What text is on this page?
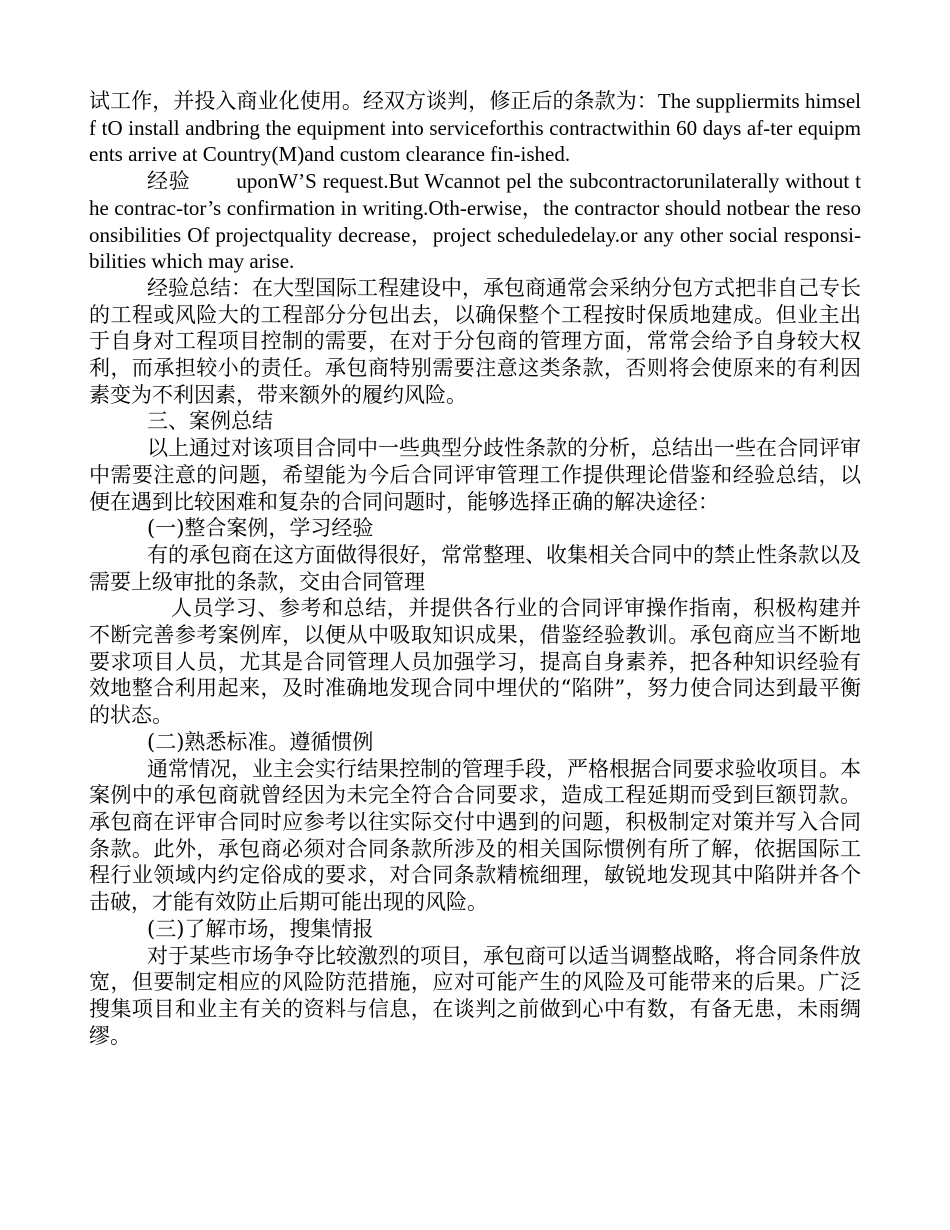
试工作，并投入商业化使用。经双方谈判，修正后的条款为：The suppliermits himself tO install andbring the equipment into serviceforthis contractwithin 60 days af-ter equipments arrive at Country(M)and custom clearance fin-ished.

经验 uponW’S request.But Wcannot pel the subcontractorunilaterally without the contrac-tor’s confirmation in writing.Oth-erwise，the contractor should notbear the resoonsibilities Of projectquality decrease，project scheduledelay.or any other social responsi-bilities which may arise.

经验总结：在大型国际工程建设中，承包商通常会采纳分包方式把非自己专长的工程或风险大的工程部分分包出去，以确保整个工程按时保质地建成。但业主出于自身对工程项目控制的需要，在对于分包商的管理方面，常常会给予自身较大权利，而承担较小的责任。承包商特别需要注意这类条款，否则将会使原来的有利因素变为不利因素，带来额外的履约风险。

三、案例总结

以上通过对该项目合同中一些典型分歧性条款的分析，总结出一些在合同评审中需要注意的问题，希望能为今后合同评审管理工作提供理论借鉴和经验总结，以便在遇到比较困难和复杂的合同问题时，能够选择正确的解决途径：

(一)整合案例，学习经验

有的承包商在这方面做得很好，常常整理、收集相关合同中的禁止性条款以及需要上级审批的条款，交由合同管理

人员学习、参考和总结，并提供各行业的合同评审操作指南，积极构建并不断完善参考案例库，以便从中吸取知识成果，借鉴经验教训。承包商应当不断地要求项目人员，尤其是合同管理人员加强学习，提高自身素养，把各种知识经验有效地整合利用起来，及时准确地发现合同中埋伏的“陷阱”，努力使合同达到最平衡的状态。

(二)熟悉标准。遵循惯例

通常情况，业主会实行结果控制的管理手段，严格根据合同要求验收项目。本案例中的承包商就曾经因为未完全符合合同要求，造成工程延期而受到巨额罚款。承包商在评审合同时应参考以往实际交付中遇到的问题，积极制定对策并写入合同条款。此外，承包商必须对合同条款所涉及的相关国际惯例有所了解，依据国际工程行业领域内约定俗成的要求，对合同条款精梳细理，敏锐地发现其中陷阱并各个击破，才能有效防止后期可能出现的风险。

(三)了解市场，搜集情报

对于某些市场争夺比较激烈的项目，承包商可以适当调整战略，将合同条件放宽，但要制定相应的风险防范措施，应对可能产生的风险及可能带来的后果。广泛搜集项目和业主有关的资料与信息，在谈判之前做到心中有数，有备无患，未雨绸缪。
